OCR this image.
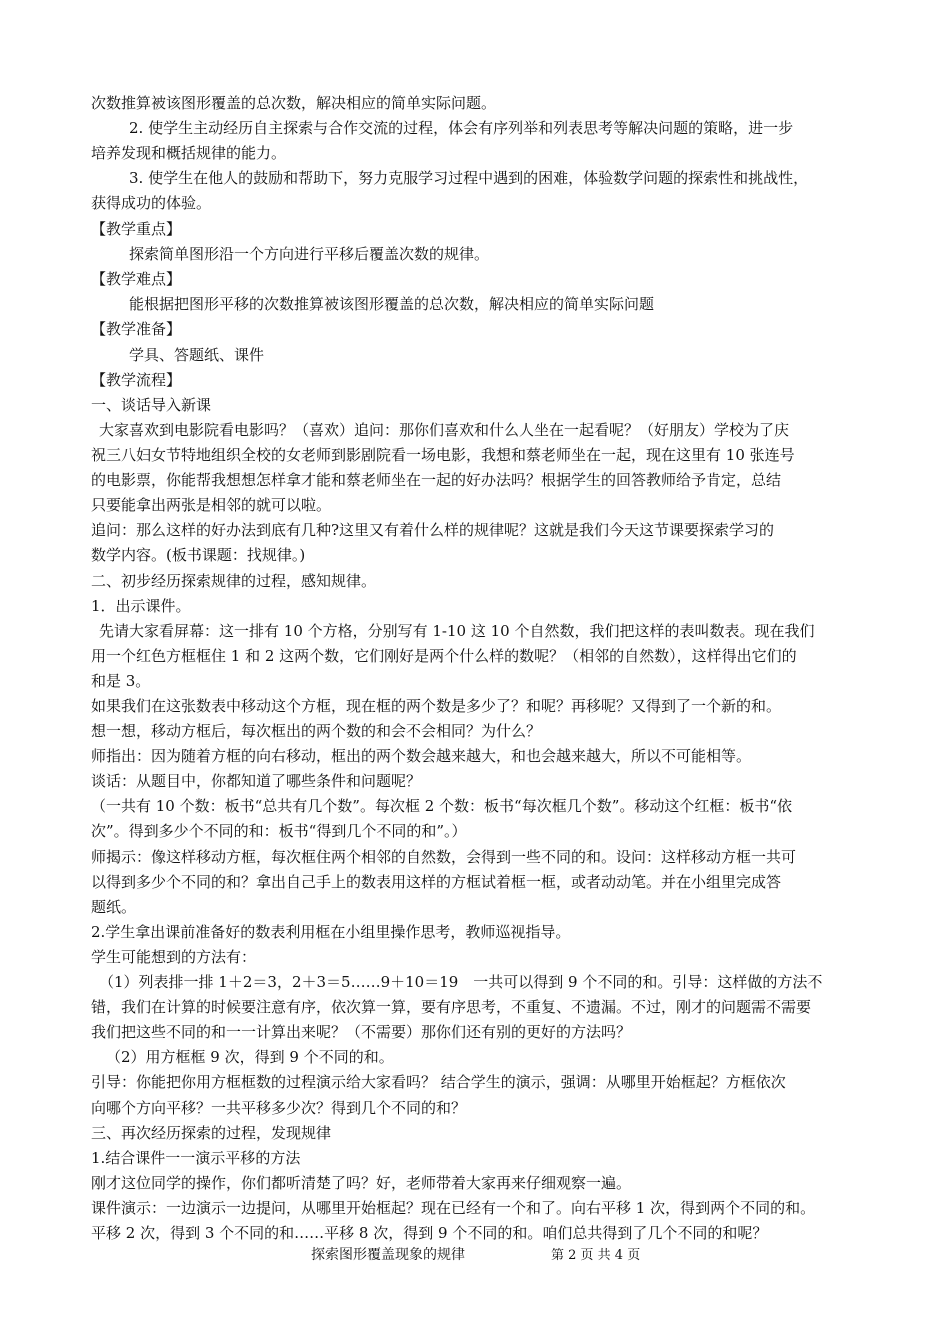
次数推算被该图形覆盖的总次数，解决相应的简单实际问题。
2. 使学生主动经历自主探索与合作交流的过程，体会有序列举和列表思考等解决问题的策略，进一步
培养发现和概括规律的能力。
3. 使学生在他人的鼓励和帮助下，努力克服学习过程中遇到的困难，体验数学问题的探索性和挑战性，
获得成功的体验。
【教学重点】
探索简单图形沿一个方向进行平移后覆盖次数的规律。
【教学难点】
能根据把图形平移的次数推算被该图形覆盖的总次数，解决相应的简单实际问题
【教学准备】
学具、答题纸、课件
【教学流程】
一、谈话导入新课
大家喜欢到电影院看电影吗？（喜欢）追问：那你们喜欢和什么人坐在一起看呢？（好朋友）学校为了庆
祝三八妇女节特地组织全校的女老师到影剧院看一场电影，我想和蔡老师坐在一起，现在这里有 10 张连号
的电影票，你能帮我想想怎样拿才能和蔡老师坐在一起的好办法吗？根据学生的回答教师给予肯定，总结
只要能拿出两张是相邻的就可以啦。
追问：那么这样的好办法到底有几种?这里又有着什么样的规律呢？这就是我们今天这节课要探索学习的
数学内容。(板书课题：找规律。)
二、初步经历探索规律的过程，感知规律。
1．出示课件。
先请大家看屏幕：这一排有 10 个方格，分别写有 1-10 这 10 个自然数，我们把这样的表叫数表。现在我们
用一个红色方框框住 1 和 2 这两个数，它们刚好是两个什么样的数呢？（相邻的自然数），这样得出它们的
和是 3。
如果我们在这张数表中移动这个方框，现在框的两个数是多少了？和呢？再移呢？又得到了一个新的和。
想一想，移动方框后，每次框出的两个数的和会不会相同？为什么？
师指出：因为随着方框的向右移动，框出的两个数会越来越大，和也会越来越大，所以不可能相等。
谈话：从题目中，你都知道了哪些条件和问题呢？
（一共有 10 个数：板书“总共有几个数”。每次框 2 个数：板书“每次框几个数”。移动这个红框：板书“依
次”。得到多少个不同的和：板书“得到几个不同的和”。）
师揭示：像这样移动方框，每次框住两个相邻的自然数，会得到一些不同的和。设问：这样移动方框一共可
以得到多少个不同的和？拿出自己手上的数表用这样的方框试着框一框，或者动动笔。并在小组里完成答
题纸。
2.学生拿出课前准备好的数表利用框在小组里操作思考，教师巡视指导。
学生可能想到的方法有：
（1）列表排一排 1＋2＝3，2＋3＝5……9＋10＝19　一共可以得到 9 个不同的和。引导：这样做的方法不
错，我们在计算的时候要注意有序，依次算一算，要有序思考，不重复、不遗漏。不过，刚才的问题需不需要
我们把这些不同的和一一计算出来呢？（不需要）那你们还有别的更好的方法吗？
（2）用方框框 9 次，得到 9 个不同的和。
引导：你能把你用方框框数的过程演示给大家看吗？ 结合学生的演示，强调：从哪里开始框起？方框依次
向哪个方向平移？一共平移多少次？得到几个不同的和？
三、再次经历探索的过程，发现规律
1.结合课件一一演示平移的方法
刚才这位同学的操作，你们都听清楚了吗？好，老师带着大家再来仔细观察一遍。
课件演示：一边演示一边提问，从哪里开始框起？现在已经有一个和了。向右平移 1 次，得到两个不同的和。
平移 2 次，得到 3 个不同的和……平移 8 次，得到 9 个不同的和。咱们总共得到了几个不同的和呢？
探索图形覆盖现象的规律	第 2 页 共 4 页
